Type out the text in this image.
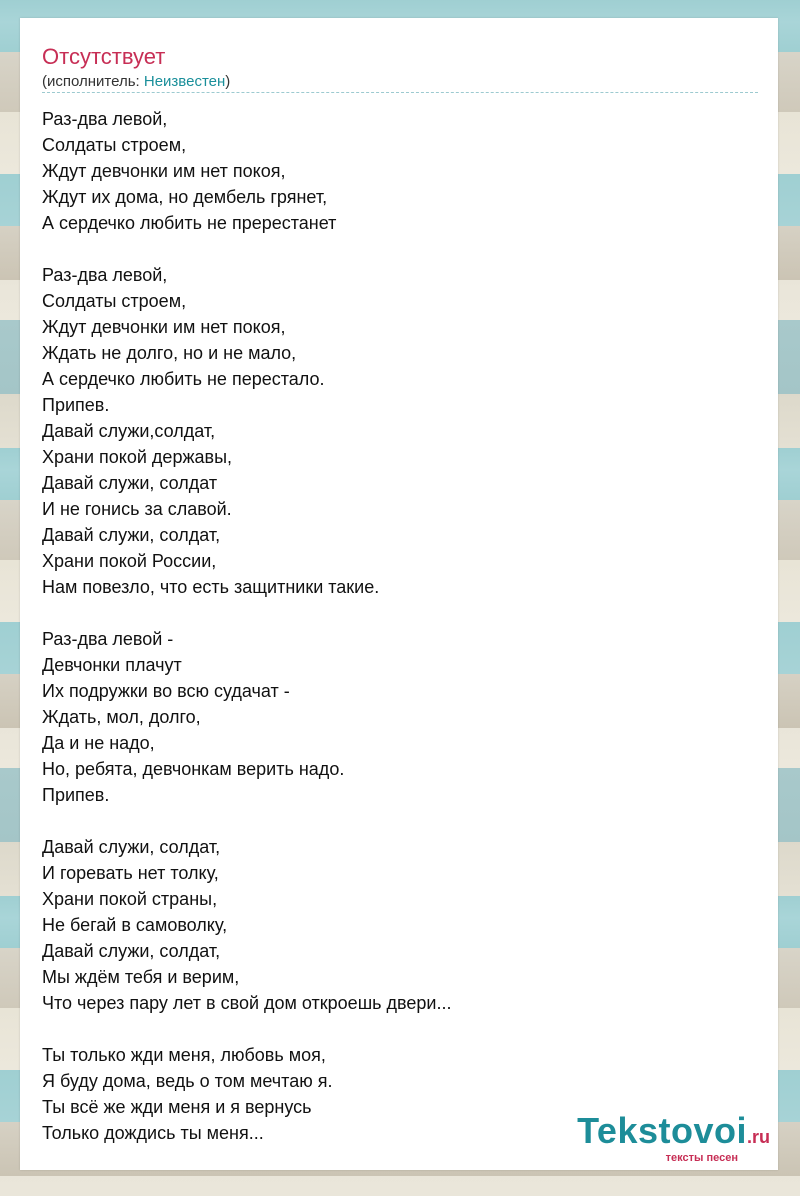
Отсутствует
(исполнитель: Неизвестен)
Раз-два левой,
Солдаты строем,
Ждут девчонки им нет покоя,
Ждут их дома, но дембель грянет,
А сердечко любить не пререстанет
Раз-два левой,
Солдаты строем,
Ждут девчонки им нет покоя,
Ждать не долго, но и не мало,
А сердечко любить не перестало.
Припев.
Давай служи,солдат,
Храни покой державы,
Давай служи, солдат
И не гонись за славой.
Давай служи, солдат,
Храни покой России,
Нам повезло, что есть защитники такие.
Раз-два левой -
Девчонки плачут
Их подружки во всю судачат -
Ждать, мол, долго,
Да и не надо,
Но, ребята, девчонкам верить надо.
Припев.
Давай служи, солдат,
И горевать нет толку,
Храни покой страны,
Не бегай в самоволку,
Давай служи, солдат,
Мы ждём тебя и верим,
Что через пару лет в свой дом откроешь двери...
Ты только жди меня, любовь моя,
Я буду дома, ведь о том мечтаю я.
Ты всё же жди меня и я вернусь
Только дождись ты меня...	Tekstovoi.ru
тексты песен
